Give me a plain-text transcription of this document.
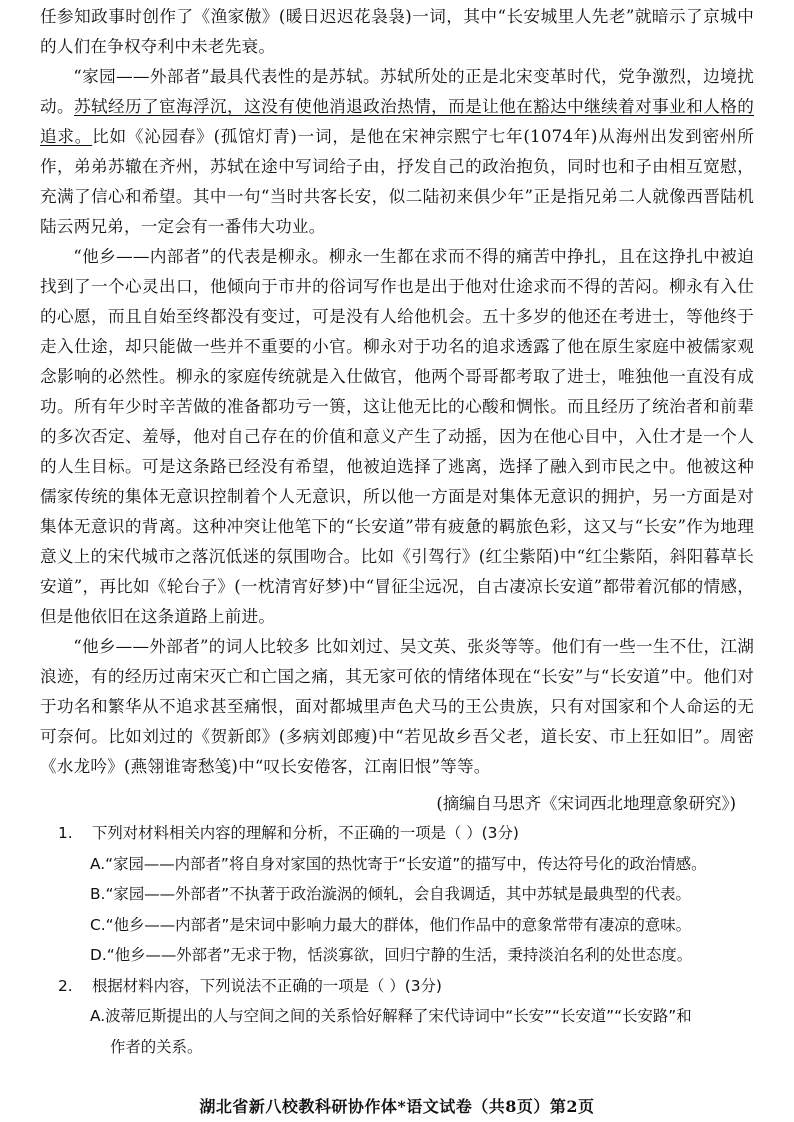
任参知政事时创作了《渔家傲》(暖日迟迟花袅袅)一词，其中“长安城里人先老”就暗示了京城中的人们在争权夺利中未老先衰。

“家园——外部者”最具代表性的是苏轼。苏轼所处的正是北宋变革时代，党争激烈，边境扰动。苏轼经历了宦海浮沉，这没有使他消退政治热情，而是让他在豁达中继续着对事业和人格的追求。比如《沁园春》(孤馆灯青)一词，是他在宋神宗熙宁七年(1074年)从海州出发到密州所作，弟弟苏辙在齐州，苏轼在途中写词给子由，抒发自己的政治抱负，同时也和子由相互宽慰，充满了信心和希望。其中一句“当时共客长安，似二陆初来俱少年”正是指兄弟二人就像西晋陆机陆云两兄弟，一定会有一番伟大功业。

“他乡——内部者”的代表是柳永。柳永一生都在求而不得的痛苦中挣扎，且在这挣扎中被迫找到了一个心灵出口，他倾向于市井的俗词写作也是出于他对仕途求而不得的苦闷。柳永有入仕的心愿，而且自始至终都没有变过，可是没有人给他机会。五十多岁的他还在考进士，等他终于走入仕途，却只能做一些并不重要的小官。柳永对于功名的追求透露了他在原生家庭中被儒家观念影响的必然性。柳永的家庭传统就是入仕做官，他两个哥哥都考取了进士，唯独他一直没有成功。所有年少时辛苦做的准备都功亏一篑，这让他无比的心酸和惆怅。而且经历了统治者和前辈的多次否定、羞辱，他对自己存在的价值和意义产生了动摇，因为在他心目中，入仕才是一个人的人生目标。可是这条路已经没有希望，他被迫选择了逃离，选择了融入到市民之中。他被这种儒家传统的集体无意识控制着个人无意识，所以他一方面是对集体无意识的拥护，另一方面是对集体无意识的背离。这种冲突让他笔下的“长安道”带有疲惫的羁旅色彩，这又与“长安”作为地理意义上的宋代城市之落沉低迷的氛围吻合。比如《引驾行》(红尘紫陌)中“红尘紫陌，斜阳暮草长安道”，再比如《轮台子》(一枕清宵好梦)中“冒征尘远况，自古凄凉长安道”都带着沉郁的情感，但是他依旧在这条道路上前进。

“他乡——外部者”的词人比较多 比如刘过、吴文英、张炎等等。他们有一些一生不仕，江湖浪迹，有的经历过南宋灭亡和亡国之痛，其无家可依的情绪体现在“长安”与“长安道”中。他们对于功名和繁华从不追求甚至痛恨，面对都城里声色犬马的王公贵族，只有对国家和个人命运的无可奈何。比如刘过的《贺新郎》(多病刘郎瘦)中“若见故乡吾父老，道长安、市上狂如旧”。周密《水龙吟》(燕翎谁寄愁笺)中“叹长安倦客，江南旧恨”等等。

(摘编自马思齐《宋词西北地理意象研究》)

1. 下列对材料相关内容的理解和分析，不正确的一项是（ ）(3分)

A.“家园——内部者”将自身对家国的热忱寄于“长安道”的描写中，传达符号化的政治情感。

B.“家园——外部者”不执著于政治漩涡的倾轧，会自我调适，其中苏轼是最典型的代表。

C.“他乡——内部者”是宋词中影响力最大的群体，他们作品中的意象常带有凄凉的意味。

D.“他乡——外部者”无求于物，恬淡寡欲，回归宁静的生活，秉持淡泊名利的处世态度。

2. 根据材料内容，下列说法不正确的一项是（ ）(3分)

A.波蒂厄斯提出的人与空间之间的关系恰好解释了宋代诗词中“长安”“长安道”“长安路”和
作者的关系。

湖北省新八校教科研协作体*语文试卷（共8页）第2页
